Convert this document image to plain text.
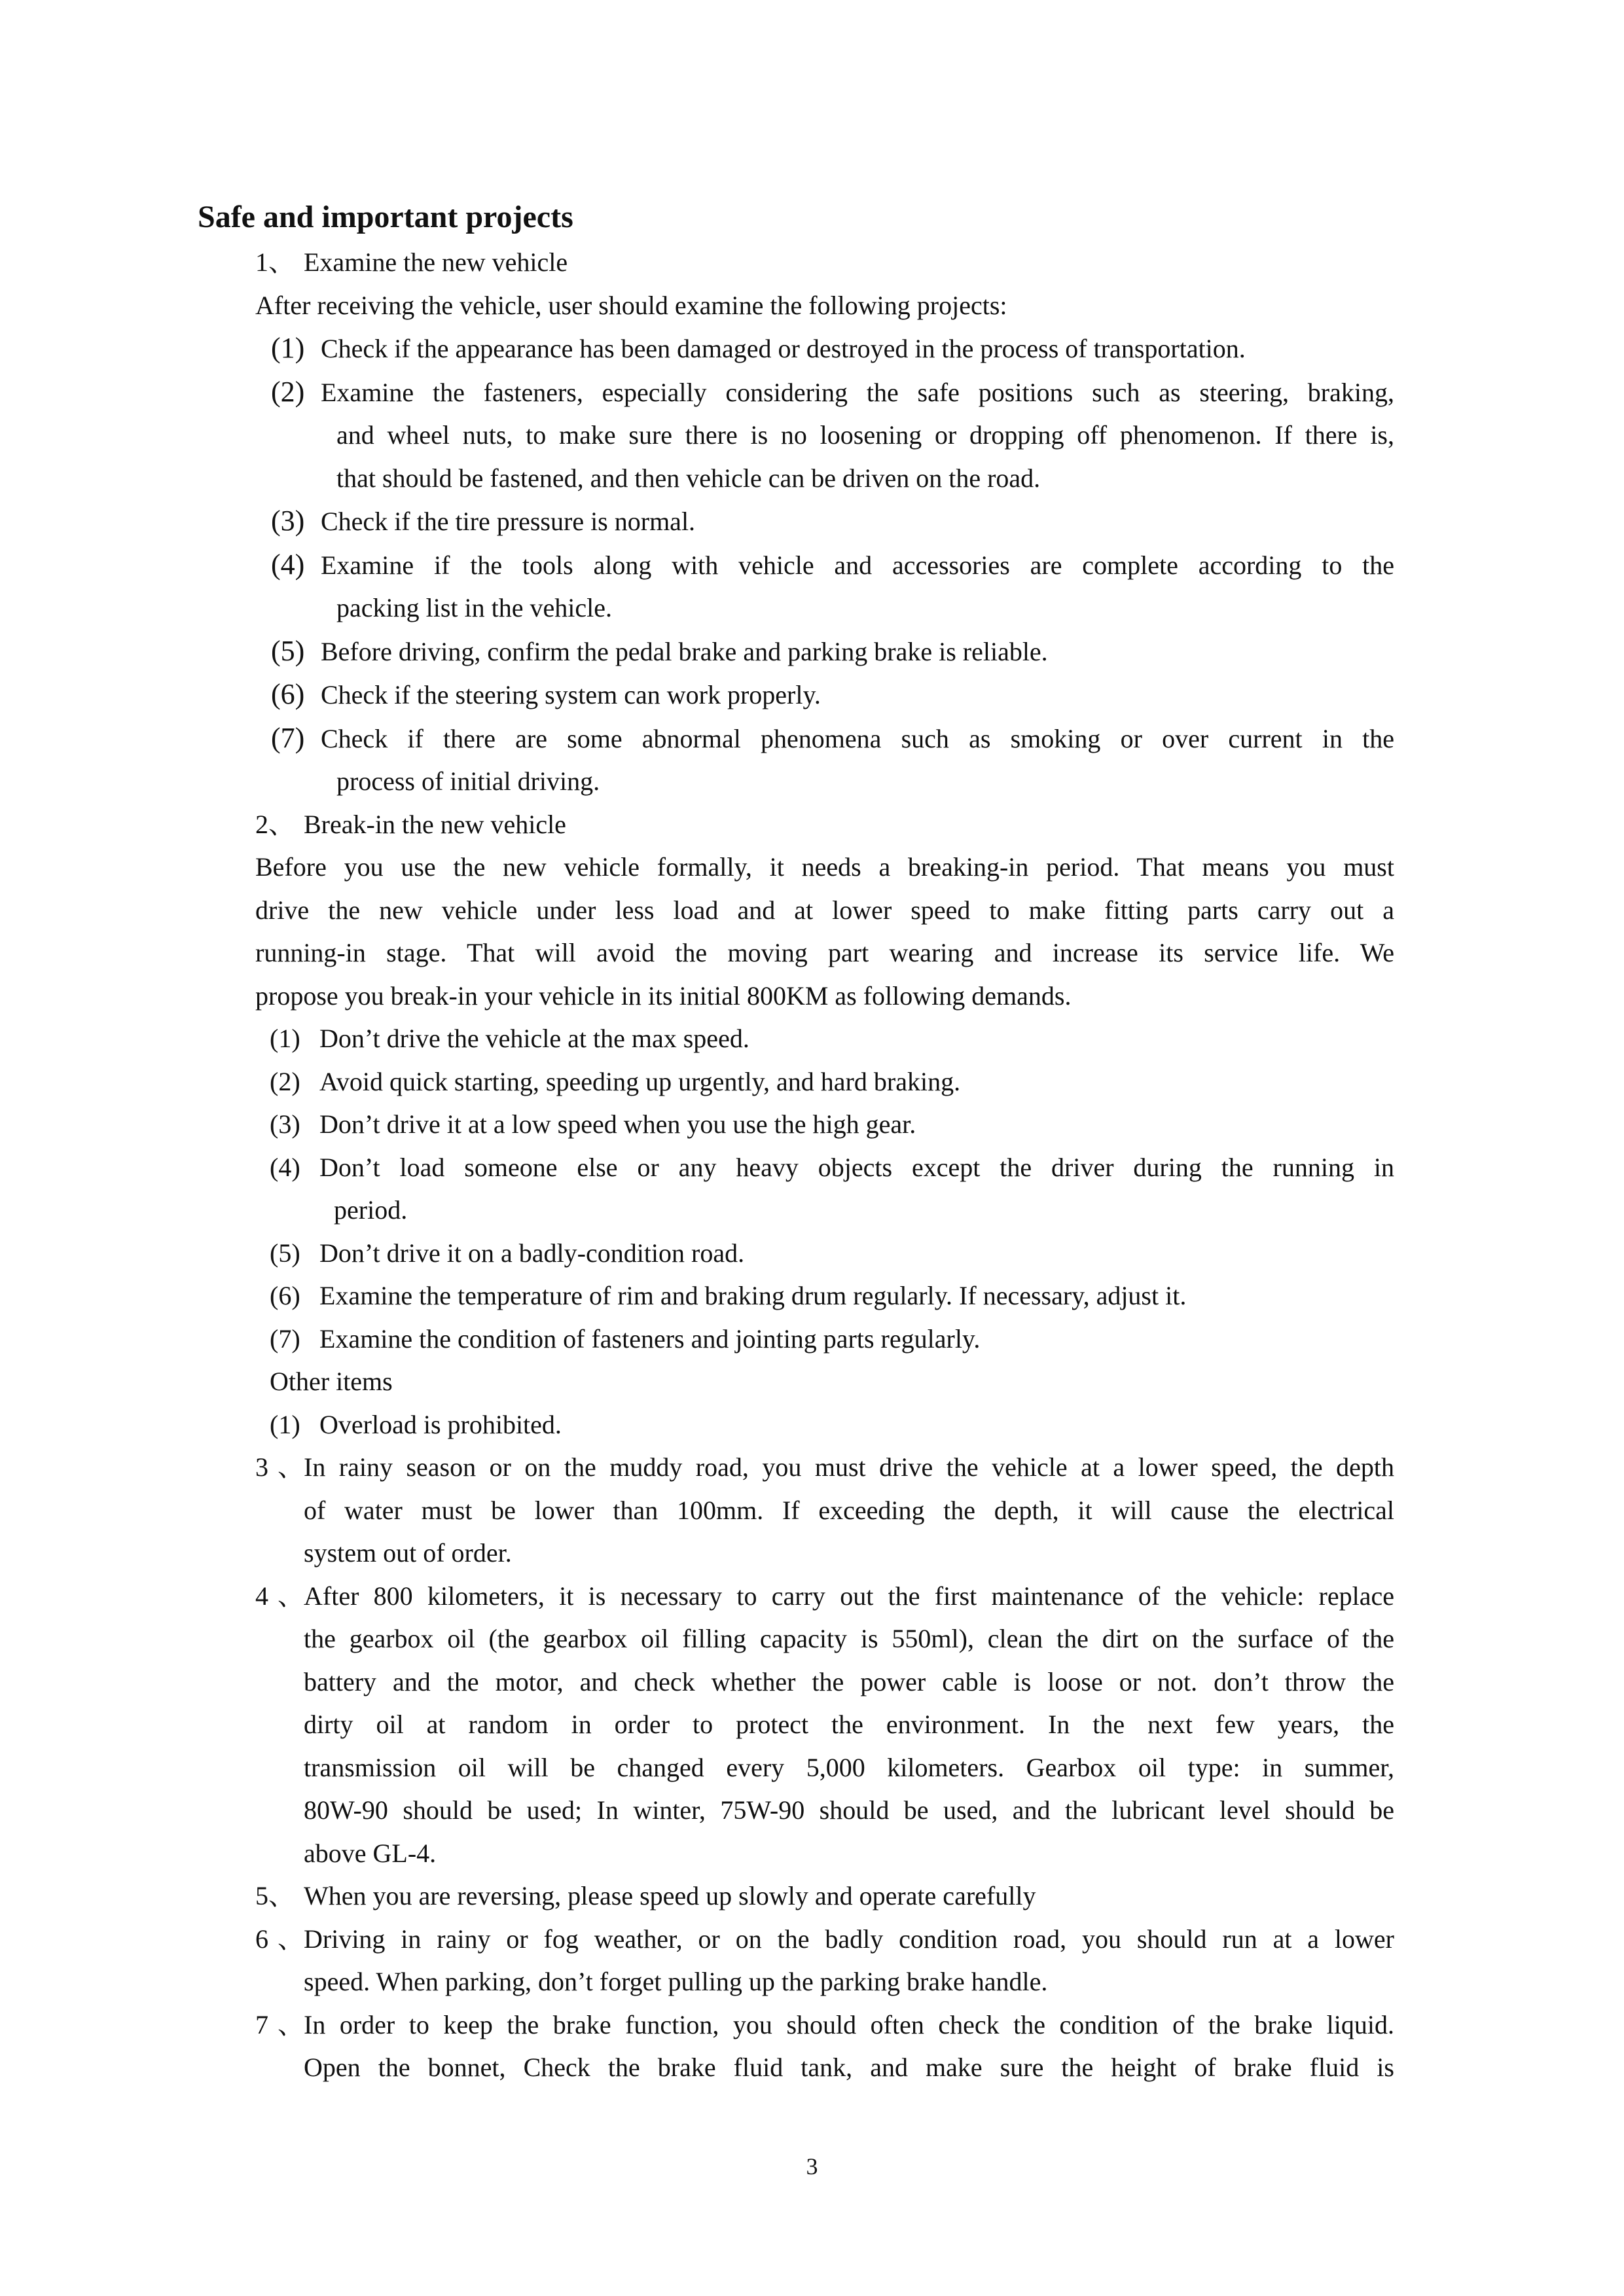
Safe and important projects
1、 Examine the new vehicle
After receiving the vehicle, user should examine the following projects:
(1) Check if the appearance has been damaged or destroyed in the process of transportation.
(2) Examine the fasteners, especially considering the safe positions such as steering, braking,
and wheel nuts, to make sure there is no loosening or dropping off phenomenon. If there is,
that should be fastened, and then vehicle can be driven on the road.
(3) Check if the tire pressure is normal.
(4) Examine if the tools along with vehicle and accessories are complete according to the
packing list in the vehicle.
(5) Before driving, confirm the pedal brake and parking brake is reliable.
(6) Check if the steering system can work properly.
(7) Check if there are some abnormal phenomena such as smoking or over current in the
process of initial driving.
2、 Break-in the new vehicle
Before you use the new vehicle formally, it needs a breaking-in period. That means you must
drive the new vehicle under less load and at lower speed to make fitting parts carry out a
running-in stage. That will avoid the moving part wearing and increase its service life. We
propose you break-in your vehicle in its initial 800KM as following demands.
(1) Don’t drive the vehicle at the max speed.
(2) Avoid quick starting, speeding up urgently, and hard braking.
(3) Don’t drive it at a low speed when you use the high gear.
(4) Don’t load someone else or any heavy objects except the driver during the running in
period.
(5) Don’t drive it on a badly-condition road.
(6) Examine the temperature of rim and braking drum regularly. If necessary, adjust it.
(7) Examine the condition of fasteners and jointing parts regularly.
Other items
(1) Overload is prohibited.
3、In rainy season or on the muddy road, you must drive the vehicle at a lower speed, the depth
of water must be lower than 100mm. If exceeding the depth, it will cause the electrical
system out of order.
4、After 800 kilometers, it is necessary to carry out the first maintenance of the vehicle: replace
the gearbox oil (the gearbox oil filling capacity is 550ml), clean the dirt on the surface of the
battery and the motor, and check whether the power cable is loose or not. don’t throw the
dirty oil at random in order to protect the environment. In the next few years, the
transmission oil will be changed every 5,000 kilometers. Gearbox oil type: in summer,
80W-90 should be used; In winter, 75W-90 should be used, and the lubricant level should be
above GL-4.
5、 When you are reversing, please speed up slowly and operate carefully
6、Driving in rainy or fog weather, or on the badly condition road, you should run at a lower
speed. When parking, don’t forget pulling up the parking brake handle.
7、In order to keep the brake function, you should often check the condition of the brake liquid.
Open the bonnet, Check the brake fluid tank, and make sure the height of brake fluid is
3
